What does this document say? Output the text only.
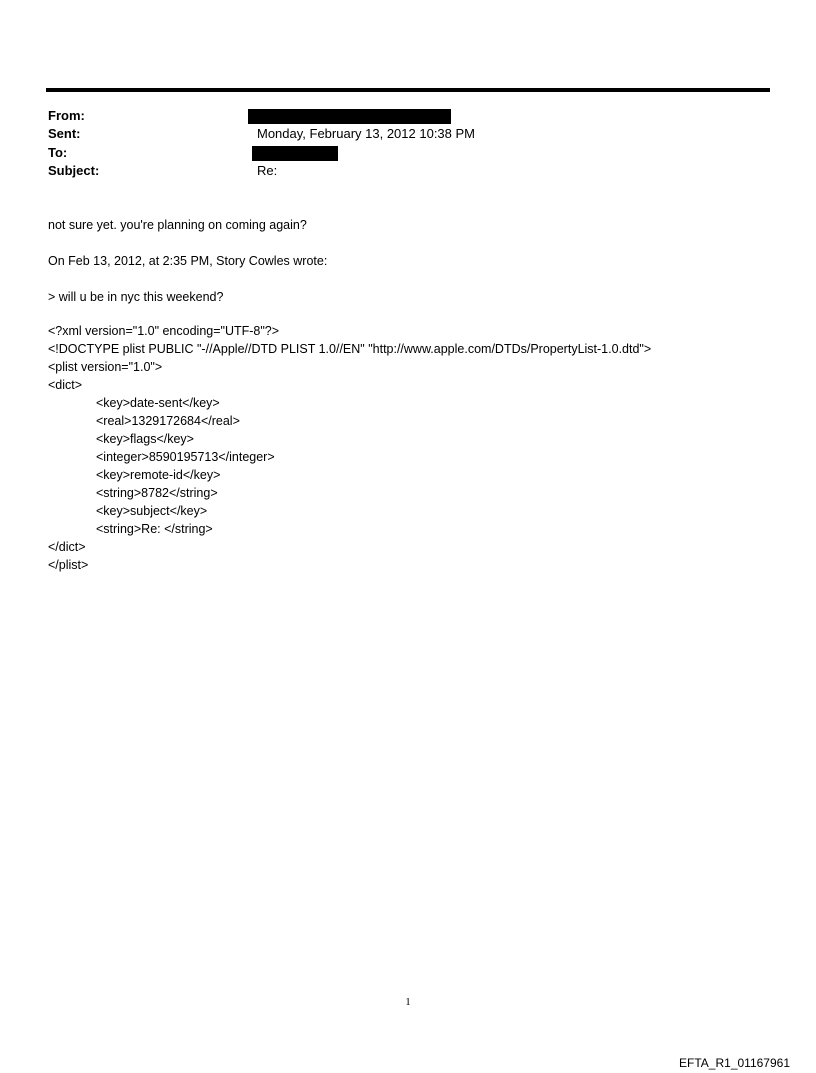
From:
Sent:	Monday, February 13, 2012 10:38 PM
To:
Subject:	Re:
not sure yet. you're planning on coming again?
On Feb 13, 2012, at 2:35 PM, Story Cowles wrote:
> will u be in nyc this weekend?
<?xml version="1.0" encoding="UTF-8"?>
<!DOCTYPE plist PUBLIC "-//Apple//DTD PLIST 1.0//EN" "http://www.apple.com/DTDs/PropertyList-1.0.dtd">
<plist version="1.0">
<dict>
<key>date-sent</key>
<real>1329172684</real>
<key>flags</key>
<integer>8590195713</integer>
<key>remote-id</key>
<string>8782</string>
<key>subject</key>
<string>Re: </string>
</dict>
</plist>
1
EFTA_R1_01167961
